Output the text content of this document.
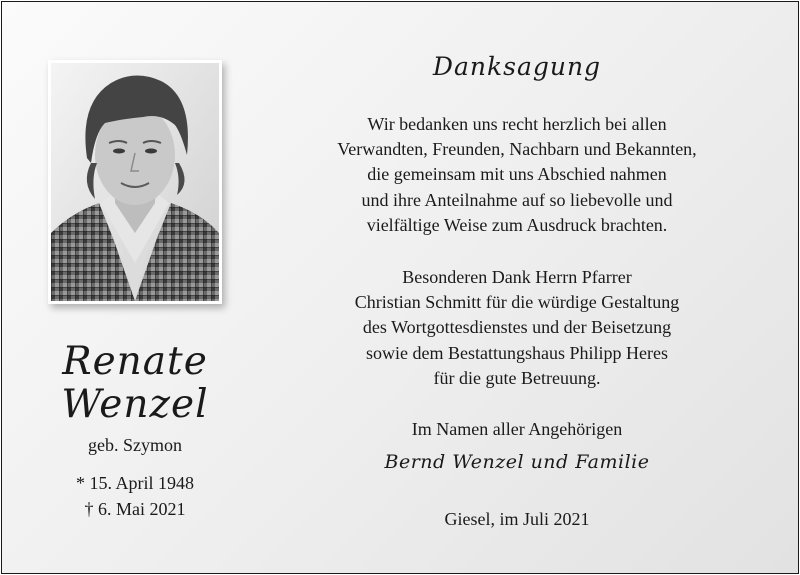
Renate
Wenzel
geb. Szymon
* 15. April 1948
† 6. Mai 2021
Danksagung
Wir bedanken uns recht herzlich bei allen
Verwandten, Freunden, Nachbarn und Bekannten,
die gemeinsam mit uns Abschied nahmen
und ihre Anteilnahme auf so liebevolle und
vielfältige Weise zum Ausdruck brachten.
Besonderen Dank Herrn Pfarrer
Christian Schmitt für die würdige Gestaltung
des Wortgottesdienstes und der Beisetzung
sowie dem Bestattungshaus Philipp Heres
für die gute Betreuung.
Im Namen aller Angehörigen
Bernd Wenzel und Familie
Giesel, im Juli 2021
